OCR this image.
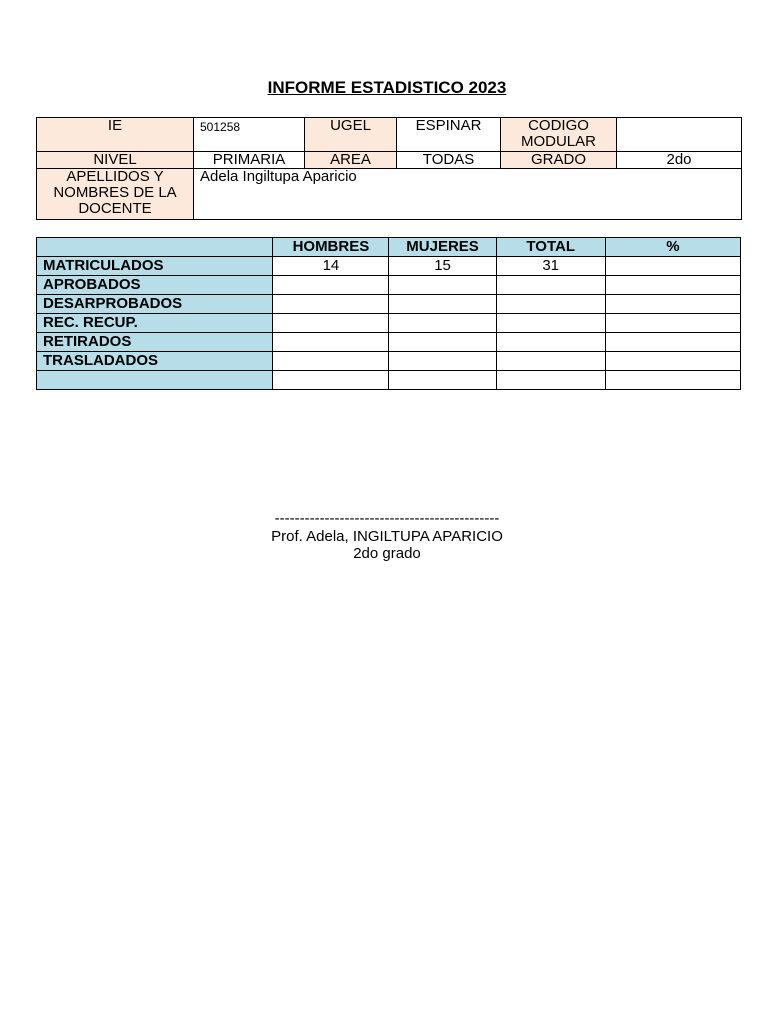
INFORME ESTADISTICO 2023
IE	501258	UGEL	ESPINAR	CODIGO MODULAR	
NIVEL	PRIMARIA	AREA	TODAS	GRADO	2do
APELLIDOS Y NOMBRES DE LA DOCENTE	Adela Ingiltupa Aparicio				
	HOMBRES	MUJERES	TOTAL	%
MATRICULADOS	14	15	31	
APROBADOS				
DESARPROBADOS				
REC. RECUP.				
RETIRADOS				
TRASLADADOS				

---------------------------------------------
Prof. Adela, INGILTUPA APARICIO
2do grado
